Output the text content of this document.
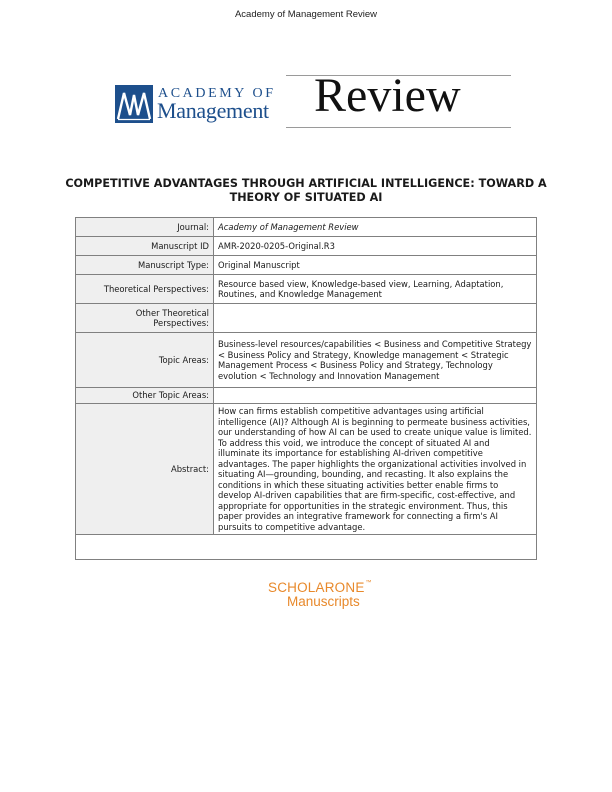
Academy of Management Review
ACADEMY OF
Management Review
COMPETITIVE ADVANTAGES THROUGH ARTIFICIAL INTELLIGENCE: TOWARD A THEORY OF SITUATED AI
Journal:	Academy of Management Review
Manuscript ID	AMR-2020-0205-Original.R3
Manuscript Type:	Original Manuscript
Theoretical Perspectives:	Resource based view, Knowledge-based view, Learning, Adaptation, Routines, and Knowledge Management
Other Theoretical Perspectives:	
Topic Areas:	Business-level resources/capabilities < Business and Competitive Strategy < Business Policy and Strategy, Knowledge management < Strategic Management Process < Business Policy and Strategy, Technology evolution < Technology and Innovation Management
Other Topic Areas:	
Abstract:	How can firms establish competitive advantages using artificial intelligence (AI)? Although AI is beginning to permeate business activities, our understanding of how AI can be used to create unique value is limited. To address this void, we introduce the concept of situated AI and illuminate its importance for establishing AI-driven competitive advantages. The paper highlights the organizational activities involved in situating AI—grounding, bounding, and recasting. It also explains the conditions in which these situating activities better enable firms to develop AI-driven capabilities that are firm-specific, cost-effective, and appropriate for opportunities in the strategic environment. Thus, this paper provides an integrative framework for connecting a firm's AI pursuits to competitive advantage.

SCHOLARONE™
Manuscripts
